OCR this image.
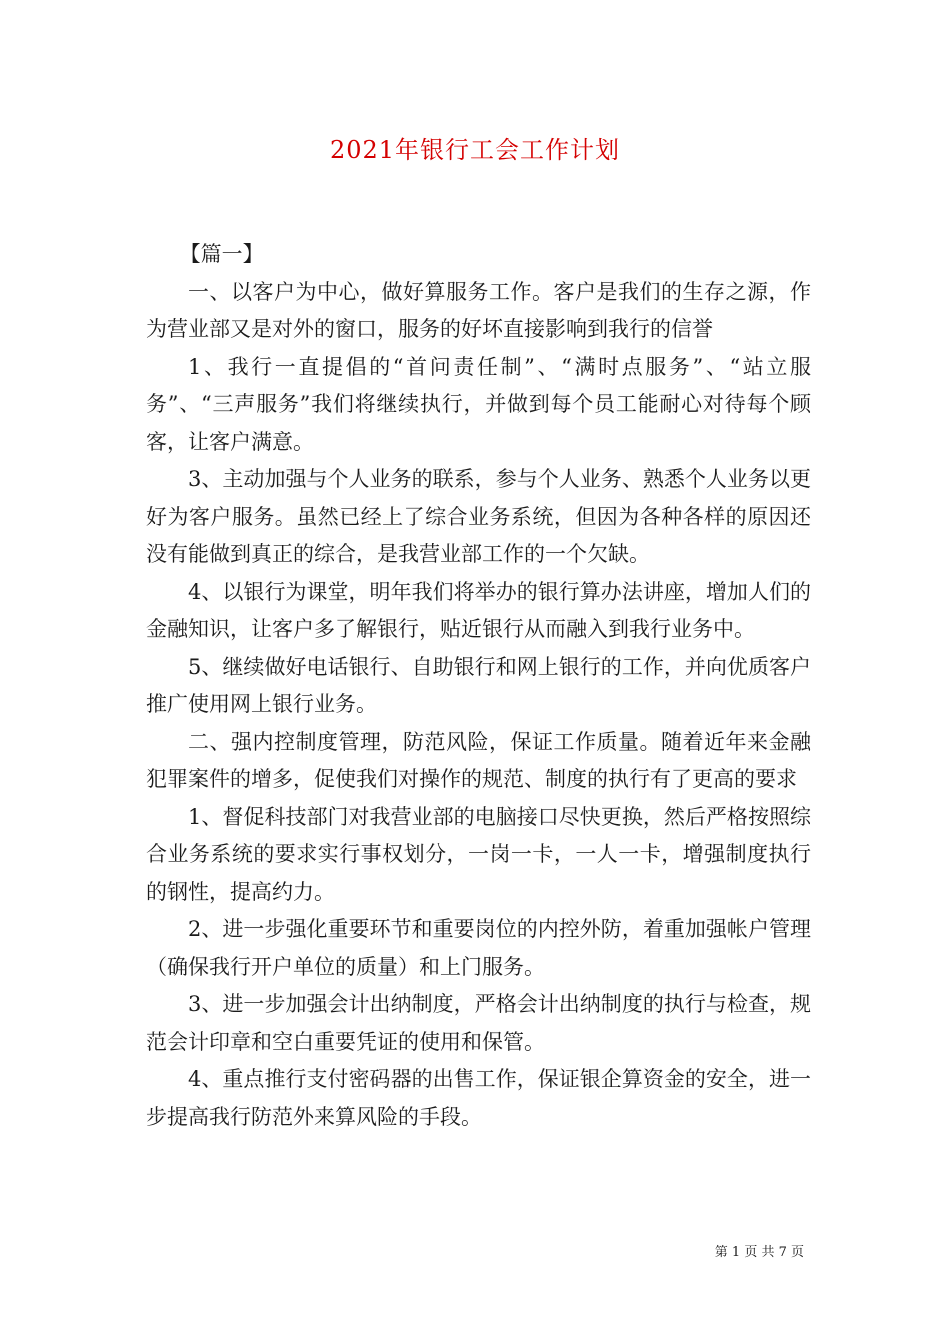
2021年银行工会工作计划

【篇一】

一、以客户为中心，做好算服务工作。客户是我们的生存之源，作为营业部又是对外的窗口，服务的好坏直接影响到我行的信誉

1、我行一直提倡的“首问责任制”、“满时点服务”、“站立服务”、“三声服务”我们将继续执行，并做到每个员工能耐心对待每个顾客，让客户满意。

3、主动加强与个人业务的联系，参与个人业务、熟悉个人业务以更好为客户服务。虽然已经上了综合业务系统，但因为各种各样的原因还没有能做到真正的综合，是我营业部工作的一个欠缺。

4、以银行为课堂，明年我们将举办的银行算办法讲座，增加人们的金融知识，让客户多了解银行，贴近银行从而融入到我行业务中。

5、继续做好电话银行、自助银行和网上银行的工作，并向优质客户推广使用网上银行业务。

二、强内控制度管理，防范风险，保证工作质量。随着近年来金融犯罪案件的增多，促使我们对操作的规范、制度的执行有了更高的要求

1、督促科技部门对我营业部的电脑接口尽快更换，然后严格按照综合业务系统的要求实行事权划分，一岗一卡，一人一卡，增强制度执行的钢性，提高约力。

2、进一步强化重要环节和重要岗位的内控外防，着重加强帐户管理（确保我行开户单位的质量）和上门服务。

3、进一步加强会计出纳制度，严格会计出纳制度的执行与检查，规范会计印章和空白重要凭证的使用和保管。

4、重点推行支付密码器的出售工作，保证银企算资金的安全，进一步提高我行防范外来算风险的手段。

第 1 页 共 7 页
